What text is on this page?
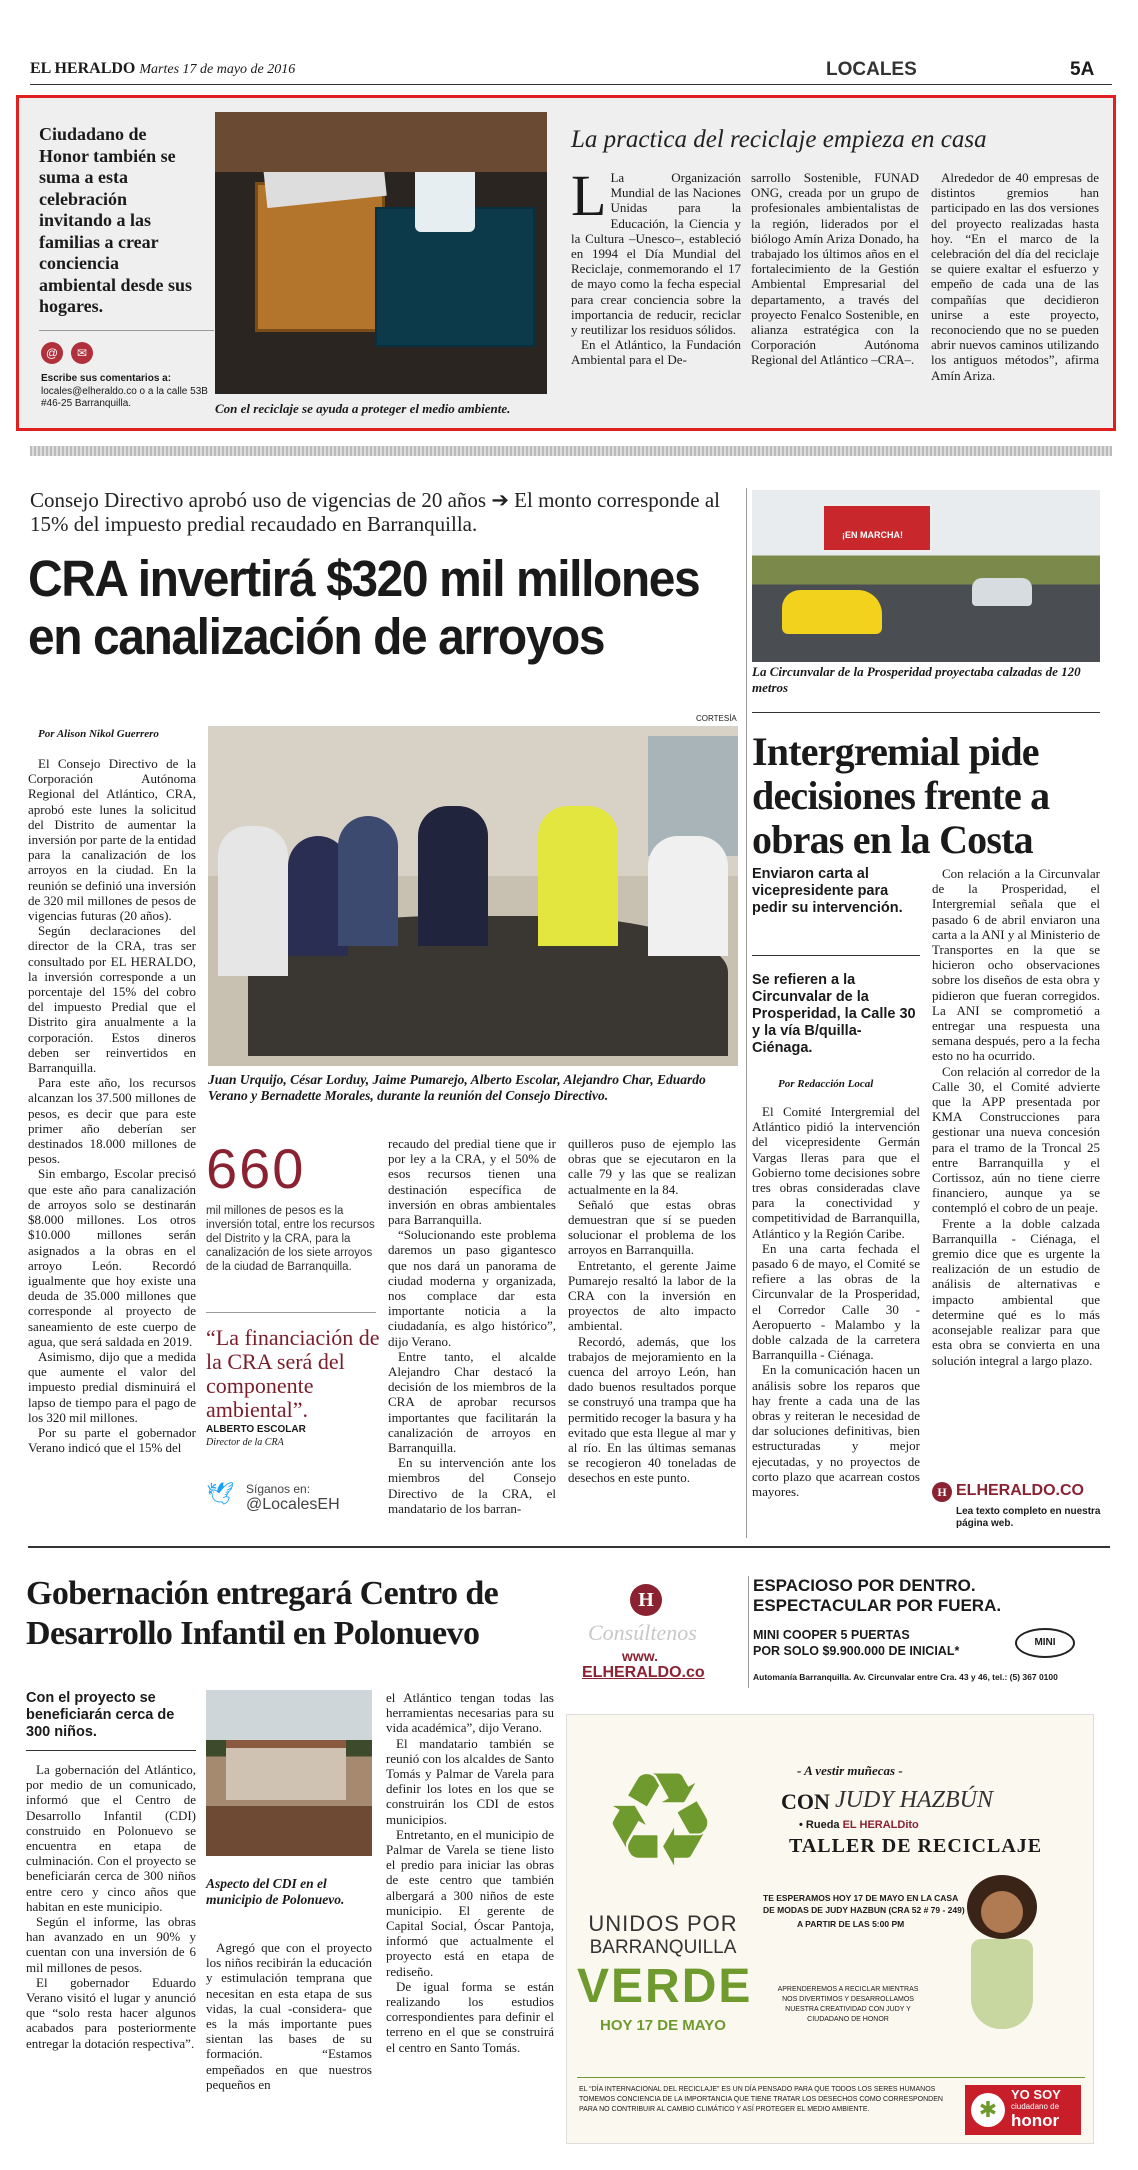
EL HERALDO Martes 17 de mayo de 2016	LOCALES	5A
Ciudadano de Honor también se suma a esta celebración invitando a las familias a crear conciencia ambiental desde sus hogares.
@	✉
Escribe sus comentarios a:
locales@elheraldo.co o a la calle 53B #46-25 Barranquilla.	Con el reciclaje se ayuda a proteger el medio ambiente.
La practica del reciclaje empieza en casa
L La Organización Mundial de las Naciones Unidas para la Educación, la Ciencia y la Cultura –Unesco–, estableció en 1994 el Día Mundial del Reciclaje, conmemorando el 17 de mayo como la fecha especial para crear conciencia sobre la importancia de reducir, reciclar y reutilizar los residuos sólidos.

En el Atlántico, la Fundación Ambiental para el De-

sarrollo Sostenible, FUNAD ONG, creada por un grupo de profesionales ambientalistas de la región, liderados por el biólogo Amín Ariza Donado, ha trabajado los últimos años en el fortalecimiento de la Gestión Ambiental Empresarial del departamento, a través del proyecto Fenalco Sostenible, en alianza estratégica con la Corporación Autónoma Regional del Atlántico –CRA–.

Alrededor de 40 empresas de distintos gremios han participado en las dos versiones del proyecto realizadas hasta hoy. “En el marco de la celebración del día del reciclaje se quiere exaltar el esfuerzo y empeño de cada una de las compañías que decidieron unirse a este proyecto, reconociendo que no se pueden abrir nuevos caminos utilizando los antiguos métodos”, afirma Amín Ariza.

Consejo Directivo aprobó uso de vigencias de 20 años ➔ El monto corresponde al 15% del impuesto predial recaudado en Barranquilla.
CRA invertirá $320 mil millones en canalización de arroyos
Por Alison Nikol Guerrero
CORTESÍA

El Consejo Directivo de la Corporación Autónoma Regional del Atlántico, CRA, aprobó este lunes la solicitud del Distrito de aumentar la inversión por parte de la entidad para la canalización de los arroyos en la ciudad. En la reunión se definió una inversión de 320 mil millones de pesos de vigencias futuras (20 años).

Según declaraciones del director de la CRA, tras ser consultado por EL HERALDO, la inversión corresponde a un porcentaje del 15% del cobro del impuesto Predial que el Distrito gira anualmente a la corporación. Estos dineros deben ser reinvertidos en Barranquilla.

Para este año, los recursos alcanzan los 37.500 millones de pesos, es decir que para este primer año deberían ser destinados 18.000 millones de pesos.

Sin embargo, Escolar precisó que este año para canalización de arroyos solo se destinarán $8.000 millones. Los otros $10.000 millones serán asignados a la obras en el arroyo León. Recordó igualmente que hoy existe una deuda de 35.000 millones que corresponde al proyecto de saneamiento de este cuerpo de agua, que será saldada en 2019.

Asimismo, dijo que a medida que aumente el valor del impuesto predial disminuirá el lapso de tiempo para el pago de los 320 mil millones.

Por su parte el gobernador Verano indicó que el 15% del

Juan Urquijo, César Lorduy, Jaime Pumarejo, Alberto Escolar, Alejandro Char, Eduardo Verano y Bernadette Morales, durante la reunión del Consejo Directivo.
660
mil millones de pesos es la inversión total, entre los recursos del Distrito y la CRA, para la canalización de los siete arroyos de la ciudad de Barranquilla.
“La financiación de la CRA será del componente ambiental”.
ALBERTO ESCOLAR
Director de la CRA
🕊 Síganos en:
@LocalesEH

recaudo del predial tiene que ir por ley a la CRA, y el 50% de esos recursos tienen una destinación específica de inversión en obras ambientales para Barranquilla.

“Solucionando este problema daremos un paso gigantesco que nos dará un panorama de ciudad moderna y organizada, nos complace dar esta importante noticia a la ciudadanía, es algo histórico”, dijo Verano.

Entre tanto, el alcalde Alejandro Char destacó la decisión de los miembros de la CRA de aprobar recursos importantes que facilitarán la canalización de arroyos en Barranquilla.

En su intervención ante los miembros del Consejo Directivo de la CRA, el mandatario de los barran-

quilleros puso de ejemplo las obras que se ejecutaron en la calle 79 y las que se realizan actualmente en la 84.

Señaló que estas obras demuestran que sí se pueden solucionar el problema de los arroyos en Barranquilla.

Entretanto, el gerente Jaime Pumarejo resaltó la labor de la CRA con la inversión en proyectos de alto impacto ambiental.

Recordó, además, que los trabajos de mejoramiento en la cuenca del arroyo León, han dado buenos resultados porque se construyó una trampa que ha permitido recoger la basura y ha evitado que esta llegue al mar y al río. En las últimas semanas se recogieron 40 toneladas de desechos en este punto.

¡EN MARCHA!
La Circunvalar de la Prosperidad proyectaba calzadas de 120 metros
Intergremial pide decisiones frente a obras en la Costa
Enviaron carta al vicepresidente para pedir su intervención.
Se refieren a la Circunvalar de la Prosperidad, la Calle 30 y la vía B/quilla-Ciénaga.
Por Redacción Local

El Comité Intergremial del Atlántico pidió la intervención del vicepresidente Germán Vargas lleras para que el Gobierno tome decisiones sobre tres obras consideradas clave para la conectividad y competitividad de Barranquilla, Atlántico y la Región Caribe.

En una carta fechada el pasado 6 de mayo, el Comité se refiere a las obras de la Circunvalar de la Prosperidad, el Corredor Calle 30 - Aeropuerto - Malambo y la doble calzada de la carretera Barranquilla - Ciénaga.

En la comunicación hacen un análisis sobre los reparos que hay frente a cada una de las obras y reiteran le necesidad de dar soluciones definitivas, bien estructuradas y mejor ejecutadas, y no proyectos de corto plazo que acarrean costos mayores.

Con relación a la Circunvalar de la Prosperidad, el Intergremial señala que el pasado 6 de abril enviaron una carta a la ANI y al Ministerio de Transportes en la que se hicieron ocho observaciones sobre los diseños de esta obra y pidieron que fueran corregidos. La ANI se comprometió a entregar una respuesta una semana después, pero a la fecha esto no ha ocurrido.

Con relación al corredor de la Calle 30, el Comité advierte que la APP presentada por KMA Construcciones para gestionar una nueva concesión para el tramo de la Troncal 25 entre Barranquilla y el Cortissoz, aún no tiene cierre financiero, aunque ya se contempló el cobro de un peaje.

Frente a la doble calzada Barranquilla - Ciénaga, el gremio dice que es urgente la realización de un estudio de análisis de alternativas e impacto ambiental que determine qué es lo más aconsejable realizar para que esta obra se convierta en una solución integral a largo plazo.

H ELHERALDO.CO
Lea texto completo en nuestra página web.
Gobernación entregará Centro de Desarrollo Infantil en Polonuevo
Con el proyecto se beneficiarán cerca de 300 niños.

La gobernación del Atlántico, por medio de un comunicado, informó que el Centro de Desarrollo Infantil (CDI) construido en Polonuevo se encuentra en etapa de culminación. Con el proyecto se beneficiarán cerca de 300 niños entre cero y cinco años que habitan en este municipio.

Según el informe, las obras han avanzado en un 90% y cuentan con una inversión de 6 mil millones de pesos.

El gobernador Eduardo Verano visitó el lugar y anunció que “solo resta hacer algunos acabados para posteriormente entregar la dotación respectiva”.

Aspecto del CDI en el municipio de Polonuevo.

Agregó que con el proyecto los niños recibirán la educación y estimulación temprana que necesitan en esta etapa de sus vidas, la cual -considera- que es la más importante pues sientan las bases de su formación. “Estamos empeñados en que nuestros pequeños en

el Atlántico tengan todas las herramientas necesarias para su vida académica”, dijo Verano.

El mandatario también se reunió con los alcaldes de Santo Tomás y Palmar de Varela para definir los lotes en los que se construirán los CDI de estos municipios.

Entretanto, en el municipio de Palmar de Varela se tiene listo el predio para iniciar las obras de este centro que también albergará a 300 niños de este municipio. El gerente de Capital Social, Óscar Pantoja, informó que actualmente el proyecto está en etapa de rediseño.

De igual forma se están realizando los estudios correspondientes para definir el terreno en el que se construirá el centro en Santo Tomás.

H
Consúltenos
www.
ELHERALDO.co
ESPACIOSO POR DENTRO.
ESPECTACULAR POR FUERA.
MINI COOPER 5 PUERTAS
POR SOLO $9.900.000 DE INICIAL*
MINI
Automanía Barranquilla. Av. Circunvalar entre Cra. 43 y 46, tel.: (5) 367 0100
♻
UNIDOS POR
BARRANQUILLA
VERDE
HOY 17 DE MAYO
- A vestir muñecas -
CON JUDY HAZBÚN
• Rueda EL HERALDito
TALLER DE RECICLAJE
TE ESPERAMOS HOY 17 DE MAYO EN LA CASA
DE MODAS DE JUDY HAZBUN (CRA 52 # 79 - 249)
A PARTIR DE LAS 5:00 PM
APRENDEREMOS A RECICLAR MIENTRAS NOS DIVERTIMOS Y DESARROLLAMOS NUESTRA CREATIVIDAD CON JUDY Y CIUDADANO DE HONOR
EL “DÍA INTERNACIONAL DEL RECICLAJE” ES UN DÍA PENSADO PARA QUE TODOS LOS SERES HUMANOS TOMEMOS CONCIENCIA DE LA IMPORTANCIA QUE TIENE TRATAR LOS DESECHOS COMO CORRESPONDEN PARA NO CONTRIBUIR AL CAMBIO CLIMÁTICO Y ASÍ PROTEGER EL MEDIO AMBIENTE.	✱
YO SOY
ciudadano de
honor
